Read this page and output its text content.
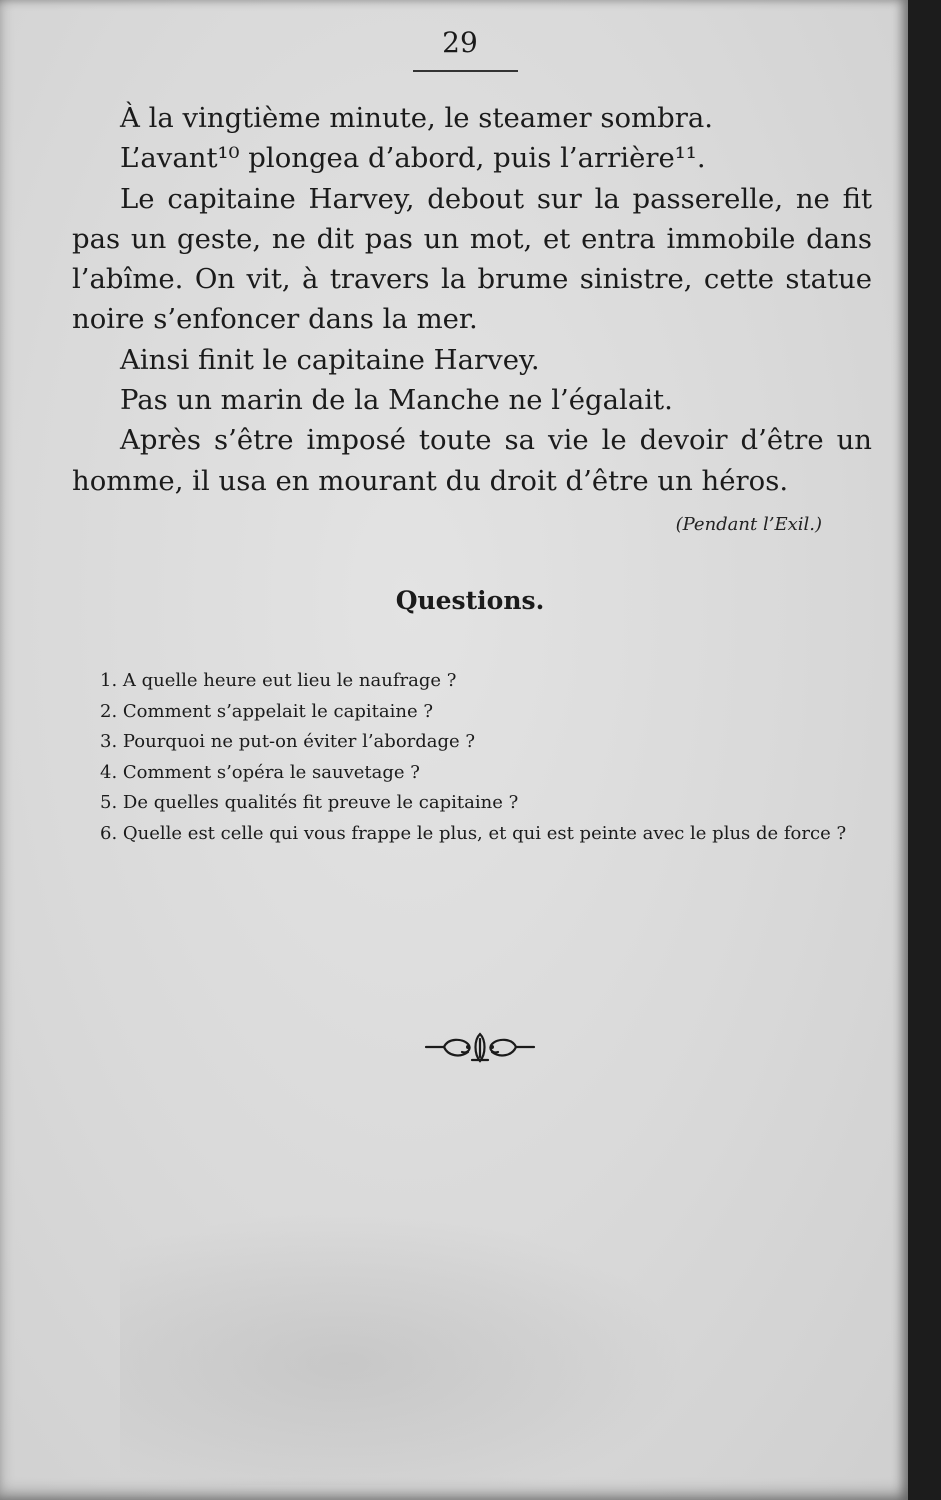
29

À la vingtième minute, le steamer sombra.

L’avant¹⁰ plongea d’abord, puis l’arrière¹¹.

Le capitaine Harvey, debout sur la passerelle, ne fit pas un geste, ne dit pas un mot, et entra immobile dans l’abîme. On vit, à travers la brume sinistre, cette statue noire s’enfoncer dans la mer.

Ainsi finit le capitaine Harvey.

Pas un marin de la Manche ne l’égalait.

Après s’être imposé toute sa vie le devoir d’être un homme, il usa en mourant du droit d’être un héros.

(Pendant l’Exil.)
Questions.
1. A quelle heure eut lieu le naufrage ?
2. Comment s’appelait le capitaine ?
3. Pourquoi ne put-on éviter l’abordage ?
4. Comment s’opéra le sauvetage ?
5. De quelles qualités fit preuve le capitaine ?
6. Quelle est celle qui vous frappe le plus, et qui est peinte avec le plus de force ?
